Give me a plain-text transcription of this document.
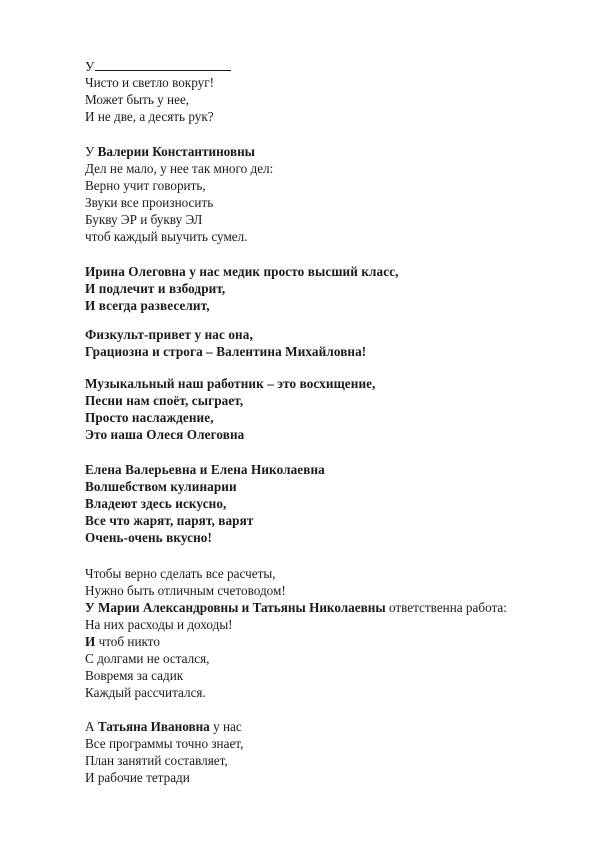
У
Чисто и светло вокруг!
Может быть у нее,
И не две, а десять рук?
У Валерии Константиновны
Дел не мало, у нее так много дел:
Верно учит говорить,
Звуки все произносить
Букву ЭР и букву ЭЛ
чтоб каждый выучить сумел.
Ирина Олеговна у нас медик просто высший класс,
И подлечит и взбодрит,
И всегда развеселит,
Физкульт-привет у нас она,
Грациозна и строга – Валентина Михайловна!
Музыкальный наш работник – это восхищение,
Песни нам споёт, сыграет,
Просто наслаждение,
Это наша Олеся Олеговна
Елена Валерьевна и Елена Николаевна
Волшебством кулинарии
Владеют здесь искусно,
Все что жарят, парят, варят
Очень-очень вкусно!
Чтобы верно сделать все расчеты,
Нужно быть отличным счетоводом!
У Марии Александровны и Татьяны Николаевны ответственна работа:
На них расходы и доходы!
И чтоб никто
С долгами не остался,
Вовремя за садик
Каждый рассчитался.
А Татьяна Ивановна у нас
Все программы точно знает,
План занятий составляет,
И рабочие тетради
